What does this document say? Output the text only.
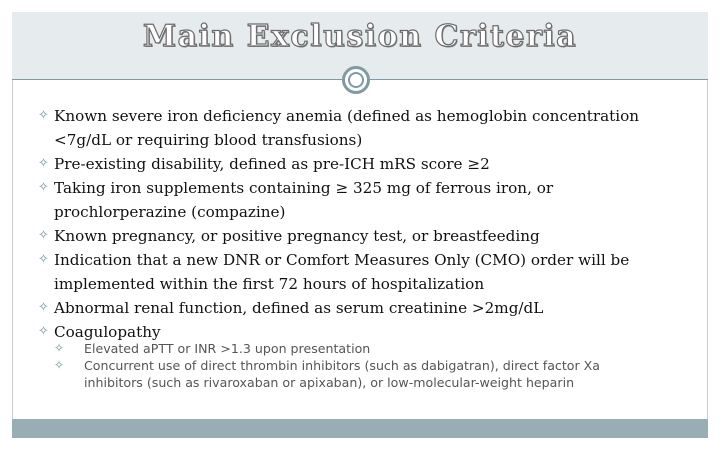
Main Exclusion Criteria
✧ Known severe iron deficiency anemia (defined as hemoglobin concentration
<7g/dL or requiring blood transfusions)
✧ Pre-existing disability, defined as pre-ICH mRS score ≥2
✧ Taking iron supplements containing ≥ 325 mg of ferrous iron, or
prochlorperazine (compazine)
✧ Known pregnancy, or positive pregnancy test, or breastfeeding
✧ Indication that a new DNR or Comfort Measures Only (CMO) order will be
implemented within the first 72 hours of hospitalization
✧ Abnormal renal function, defined as serum creatinine >2mg/dL
✧ Coagulopathy
✧ Elevated aPTT or INR >1.3 upon presentation
✧ Concurrent use of direct thrombin inhibitors (such as dabigatran), direct factor Xa
inhibitors (such as rivaroxaban or apixaban), or low-molecular-weight heparin
